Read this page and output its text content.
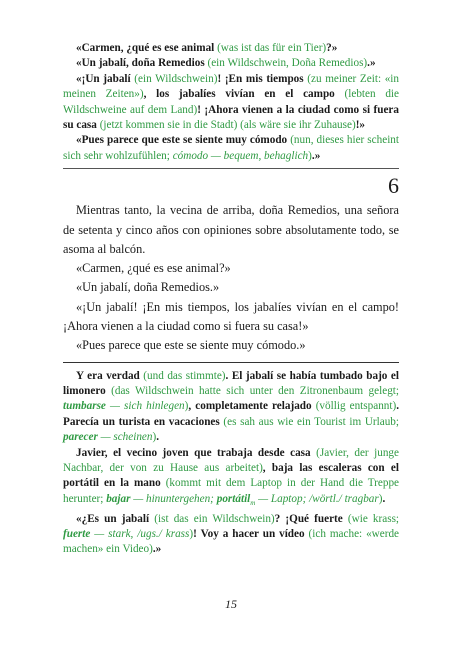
«Carmen, ¿qué es ese animal (was ist das für ein Tier)?»

«Un jabalí, doña Remedios (ein Wildschwein, Doña Remedios).»

«¡Un jabalí (ein Wildschwein)! ¡En mis tiempos (zu meiner Zeit: «in meinen Zeiten»), los jabalíes vivían en el campo (lebten die Wildschweine auf dem Land)! ¡Ahora vienen a la ciudad como si fuera su casa (jetzt kommen sie in die Stadt) (als wäre sie ihr Zuhause)!»

«Pues parece que este se siente muy cómodo (nun, dieses hier scheint sich sehr wohlzufühlen; cómodo — bequem, behaglich).»

6

Mientras tanto, la vecina de arriba, doña Remedios, una señora de setenta y cinco años con opiniones sobre absolutamente todo, se asoma al balcón.

«Carmen, ¿qué es ese animal?»

«Un jabalí, doña Remedios.»

«¡Un jabalí! ¡En mis tiempos, los jabalíes vivían en el campo! ¡Ahora vienen a la ciudad como si fuera su casa!»

«Pues parece que este se siente muy cómodo.»

Y era verdad (und das stimmte). El jabalí se había tumbado bajo el limonero (das Wildschwein hatte sich unter den Zitronenbaum gelegt; tumbarse — sich hinlegen), completamente relajado (völlig entspannt). Parecía un turista en vacaciones (es sah aus wie ein Tourist im Urlaub; parecer — scheinen).

Javier, el vecino joven que trabaja desde casa (Javier, der junge Nachbar, der von zu Hause aus arbeitet), baja las escaleras con el portátil en la mano (kommt mit dem Laptop in der Hand die Treppe herunter; bajar — hinuntergehen; portátil$_m$ — Laptop; /wörtl./ tragbar).

«¿Es un jabalí (ist das ein Wildschwein)? ¡Qué fuerte (wie krass; fuerte — stark, /ugs./ krass)! Voy a hacer un vídeo (ich mache: «werde machen» ein Video).»

15
